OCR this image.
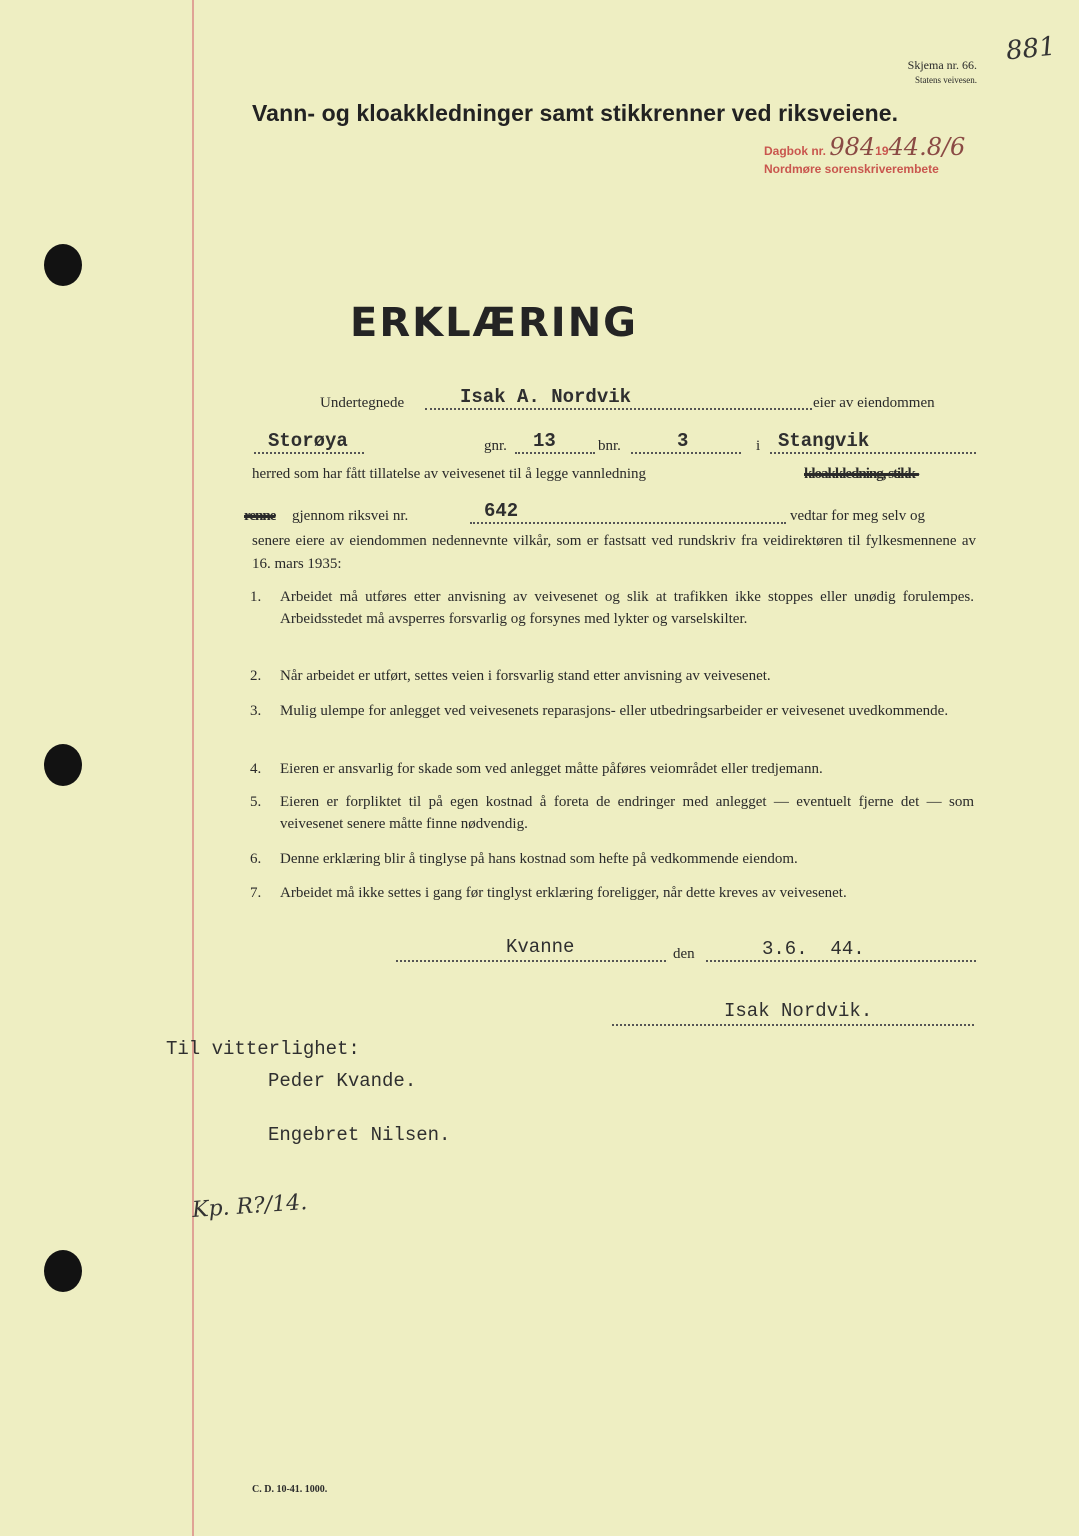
Skjema nr. 66.
Statens veivesen.
881
Vann- og kloakkledninger samt stikkrenner ved riksveiene.
Dagbok nr. 9841944.8/6
Nordmøre sorenskriverembete
ERKLÆRING
Undertegnede	Isak A. Nordvik	eier av eiendommen
Storøya	gnr. 13	bnr.	3	i Stangvik
herred som har fått tillatelse av veivesenet til å legge vannledning	kloakkledning, stikk-
renne gjennom riksvei nr.	642	vedtar for meg selv og
senere eiere av eiendommen nedennevnte vilkår, som er fastsatt ved rundskriv fra veidirektøren til fylkesmennene av 16. mars 1935:
1. Arbeidet må utføres etter anvisning av veivesenet og slik at trafikken ikke stoppes eller unødig forulempes. Arbeidsstedet må avsperres forsvarlig og forsynes med lykter og varselskilter.
2. Når arbeidet er utført, settes veien i forsvarlig stand etter anvisning av veivesenet.
3. Mulig ulempe for anlegget ved veivesenets reparasjons- eller utbedringsarbeider er veivesenet uvedkommende.
4. Eieren er ansvarlig for skade som ved anlegget måtte påføres veiområdet eller tredjemann.
5. Eieren er forpliktet til på egen kostnad å foreta de endringer med anlegget — eventuelt fjerne det — som veivesenet senere måtte finne nødvendig.
6. Denne erklæring blir å tinglyse på hans kostnad som hefte på vedkommende eiendom.
7. Arbeidet må ikke settes i gang før tinglyst erklæring foreligger, når dette kreves av veivesenet.
Kvanne	den	3.6.  44.
Isak Nordvik.
Til vitterlighet:
Peder Kvande.
Engebret Nilsen.
Kp. R?/14.
C. D. 10-41. 1000.
